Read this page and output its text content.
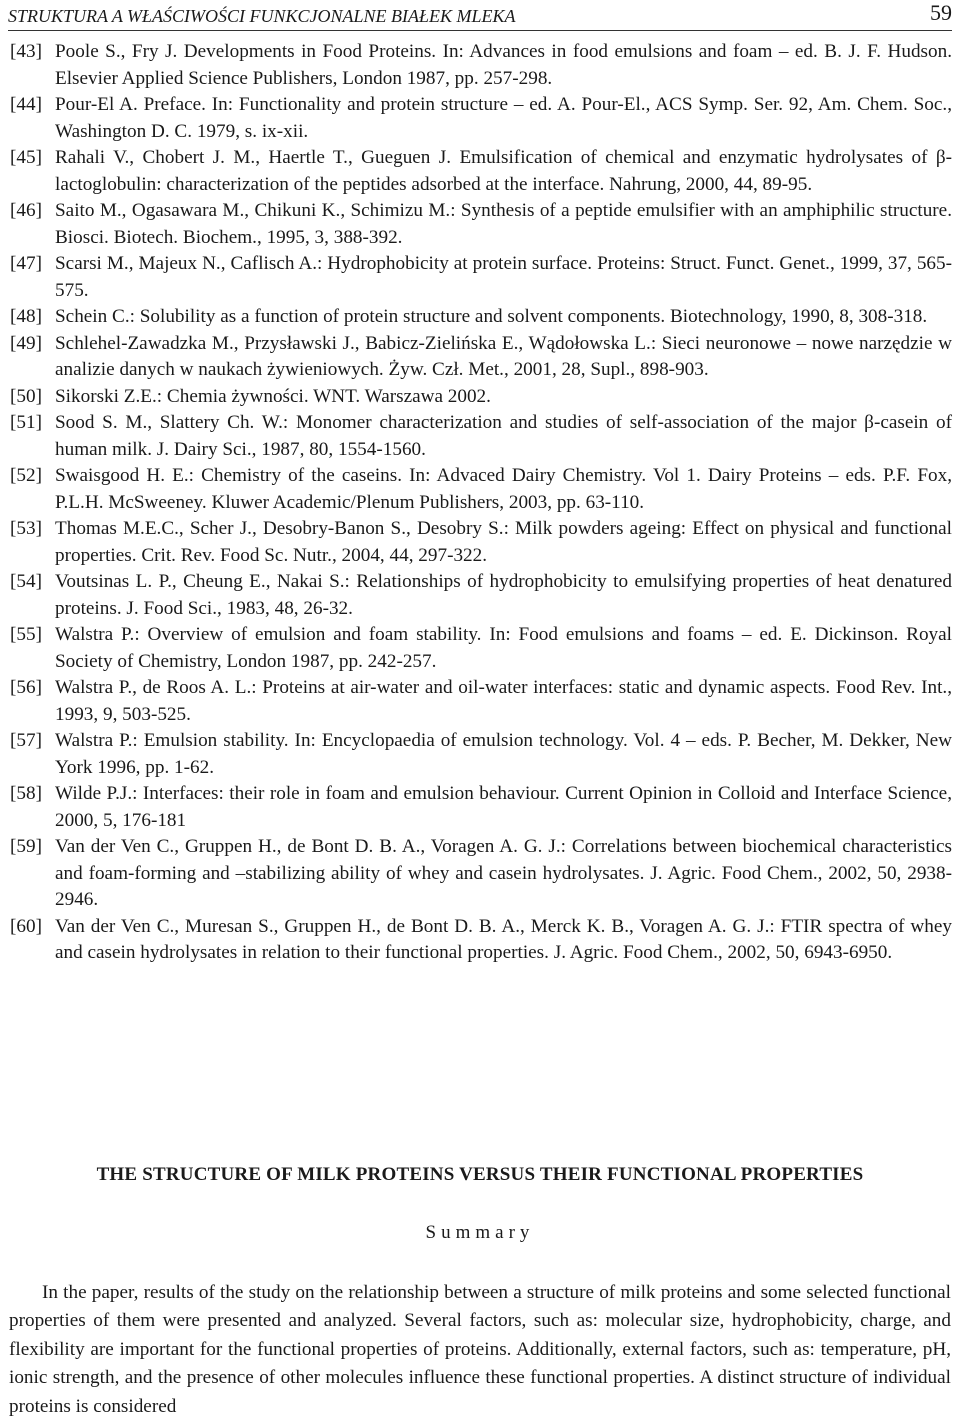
STRUKTURA A WŁAŚCIWOŚCI FUNKCJONALNE BIAŁEK MLEKA	59
[43] Poole S., Fry J. Developments in Food Proteins. In: Advances in food emulsions and foam – ed. B. J. F. Hudson. Elsevier Applied Science Publishers, London 1987, pp. 257-298.
[44] Pour-El A. Preface. In: Functionality and protein structure – ed. A. Pour-El., ACS Symp. Ser. 92, Am. Chem. Soc., Washington D. C. 1979, s. ix-xii.
[45] Rahali V., Chobert J. M., Haertle T., Gueguen J. Emulsification of chemical and enzymatic hydrolysates of β-lactoglobulin: characterization of the peptides adsorbed at the interface. Nahrung, 2000, 44, 89-95.
[46] Saito M., Ogasawara M., Chikuni K., Schimizu M.: Synthesis of a peptide emulsifier with an amphiphilic structure. Biosci. Biotech. Biochem., 1995, 3, 388-392.
[47] Scarsi M., Majeux N., Caflisch A.: Hydrophobicity at protein surface. Proteins: Struct. Funct. Genet., 1999, 37, 565-575.
[48] Schein C.: Solubility as a function of protein structure and solvent components. Biotechnology, 1990, 8, 308-318.
[49] Schlehel-Zawadzka M., Przysławski J., Babicz-Zielińska E., Wądołowska L.: Sieci neuronowe – nowe narzędzie w analizie danych w naukach żywieniowych. Żyw. Czł. Met., 2001, 28, Supl., 898-903.
[50] Sikorski Z.E.: Chemia żywności. WNT. Warszawa 2002.
[51] Sood S. M., Slattery Ch. W.: Monomer characterization and studies of self-association of the major β-casein of human milk. J. Dairy Sci., 1987, 80, 1554-1560.
[52] Swaisgood H. E.: Chemistry of the caseins. In: Advaced Dairy Chemistry. Vol 1. Dairy Proteins – eds. P.F. Fox, P.L.H. McSweeney. Kluwer Academic/Plenum Publishers, 2003, pp. 63-110.
[53] Thomas M.E.C., Scher J., Desobry-Banon S., Desobry S.: Milk powders ageing: Effect on physical and functional properties. Crit. Rev. Food Sc. Nutr., 2004, 44, 297-322.
[54] Voutsinas L. P., Cheung E., Nakai S.: Relationships of hydrophobicity to emulsifying properties of heat denatured proteins. J. Food Sci., 1983, 48, 26-32.
[55] Walstra P.: Overview of emulsion and foam stability. In: Food emulsions and foams – ed. E. Dickinson. Royal Society of Chemistry, London 1987, pp. 242-257.
[56] Walstra P., de Roos A. L.: Proteins at air-water and oil-water interfaces: static and dynamic aspects. Food Rev. Int., 1993, 9, 503-525.
[57] Walstra P.: Emulsion stability. In: Encyclopaedia of emulsion technology. Vol. 4 – eds. P. Becher, M. Dekker, New York 1996, pp. 1-62.
[58] Wilde P.J.: Interfaces: their role in foam and emulsion behaviour. Current Opinion in Colloid and Interface Science, 2000, 5, 176-181
[59] Van der Ven C., Gruppen H., de Bont D. B. A., Voragen A. G. J.: Correlations between biochemical characteristics and foam-forming and –stabilizing ability of whey and casein hydrolysates. J. Agric. Food Chem., 2002, 50, 2938-2946.
[60] Van der Ven C., Muresan S., Gruppen H., de Bont D. B. A., Merck K. B., Voragen A. G. J.: FTIR spectra of whey and casein hydrolysates in relation to their functional properties. J. Agric. Food Chem., 2002, 50, 6943-6950.
THE STRUCTURE OF MILK PROTEINS VERSUS THEIR FUNCTIONAL PROPERTIES
Summary
In the paper, results of the study on the relationship between a structure of milk proteins and some selected functional properties of them were presented and analyzed. Several factors, such as: molecular size, hydrophobicity, charge, and flexibility are important for the functional properties of proteins. Additionally, external factors, such as: temperature, pH, ionic strength, and the presence of other molecules influence these functional properties. A distinct structure of individual proteins is considered
